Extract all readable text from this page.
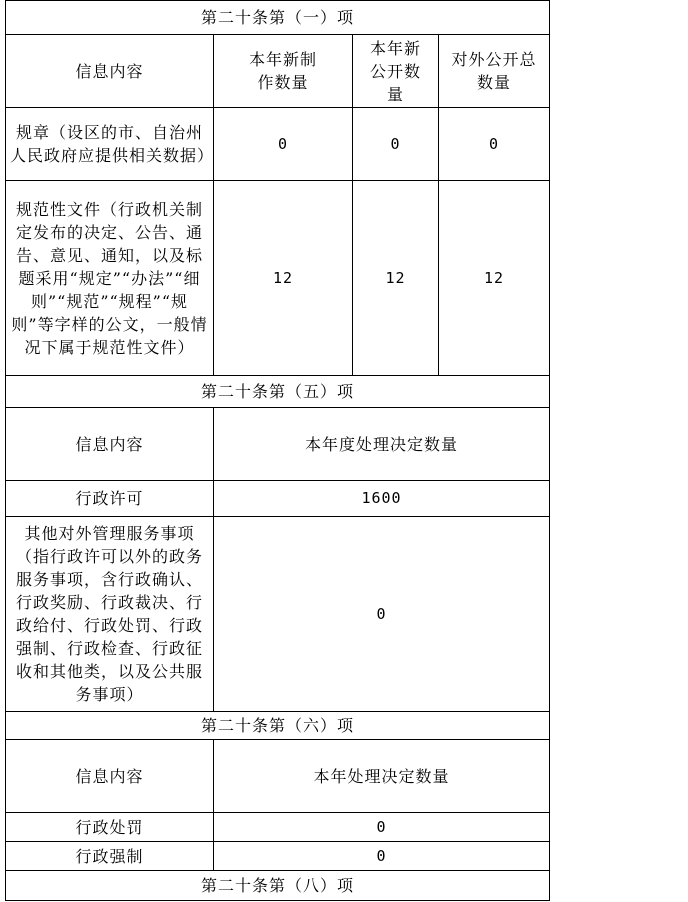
第二十条第（一）项			
信息内容	本年新制作数量	本年新公开数量	对外公开总数量
规章（设区的市、自治州人民政府应提供相关数据）	0	0	0
规范性文件（行政机关制定发布的决定、公告、通告、意见、通知，以及标题采用“规定”“办法”“细则”“规范”“规程”“规则”等字样的公文，一般情况下属于规范性文件）	12	12	12
第二十条第（五）项			
信息内容	本年度处理决定数量		
行政许可	1600		
其他对外管理服务事项（指行政许可以外的政务服务事项，含行政确认、行政奖励、行政裁决、行政给付、行政处罚、行政强制、行政检查、行政征收和其他类，以及公共服务事项）	0		
第二十条第（六）项			
信息内容	本年处理决定数量		
行政处罚	0		
行政强制	0		
第二十条第（八）项			
